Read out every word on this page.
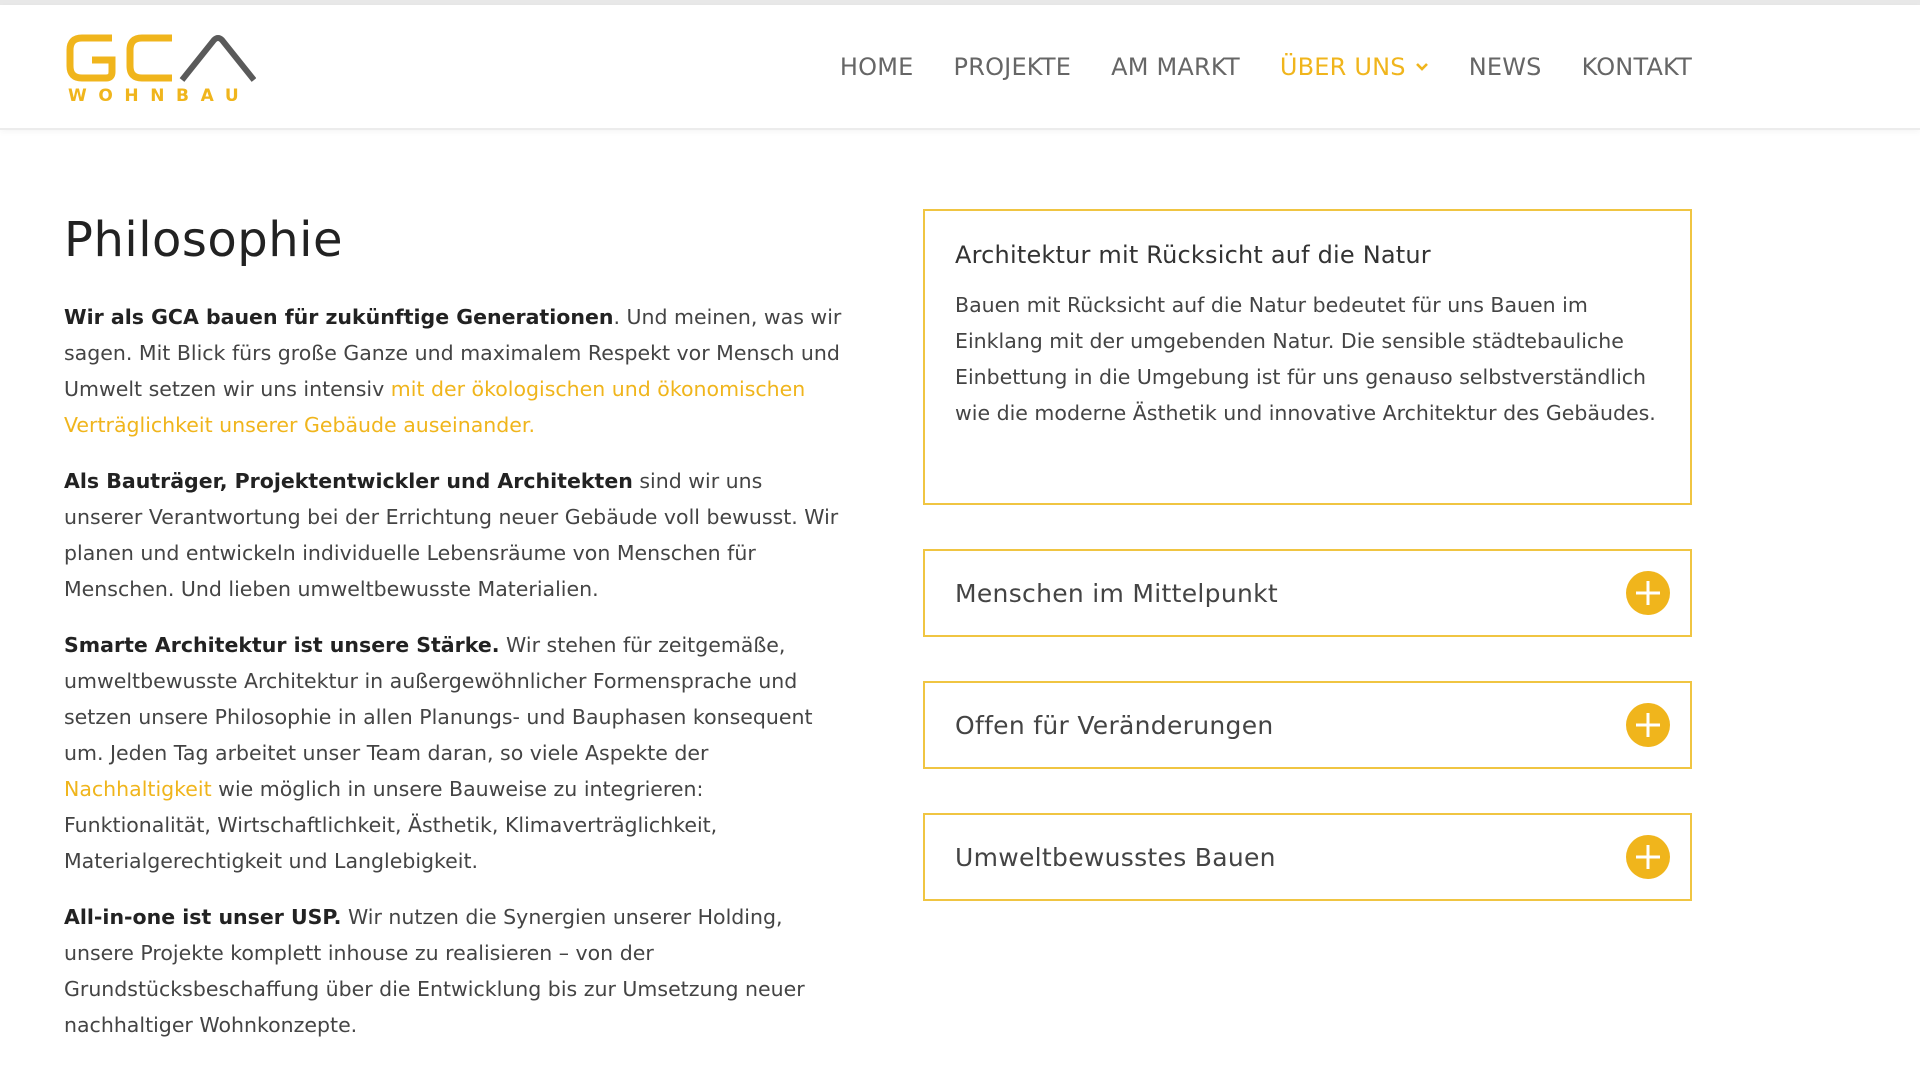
WOHNBAU
HOME PROJEKTE AM MARKT ÜBER UNS	NEWS KONTAKT
Philosophie

Wir als GCA bauen für zukünftige Generationen. Und meinen, was wir sagen. Mit Blick fürs große Ganze und maximalem Respekt vor Mensch und Umwelt setzen wir uns intensiv mit der ökologischen und ökonomischen Verträglichkeit unserer Gebäude auseinander.

Als Bauträger, Projektentwickler und Architekten sind wir uns unserer Verantwortung bei der Errichtung neuer Gebäude voll bewusst. Wir planen und entwickeln individuelle Lebensräume von Menschen für Menschen. Und lieben umweltbewusste Materialien.

Smarte Architektur ist unsere Stärke. Wir stehen für zeitgemäße, umweltbewusste Architektur in außergewöhnlicher Formensprache und setzen unsere Philosophie in allen Planungs- und Bauphasen konsequent um. Jeden Tag arbeitet unser Team daran, so viele Aspekte der Nachhaltigkeit wie möglich in unsere Bauweise zu integrieren: Funktionalität, Wirtschaftlichkeit, Ästhetik, Klimaverträglichkeit, Materialgerechtigkeit und Langlebigkeit.

All-in-one ist unser USP. Wir nutzen die Synergien unserer Holding, unsere Projekte komplett inhouse zu realisieren – von der Grundstücksbeschaffung über die Entwicklung bis zur Umsetzung neuer nachhaltiger Wohnkonzepte.

Architektur mit Rücksicht auf die Natur
Bauen mit Rücksicht auf die Natur bedeutet für uns Bauen im Einklang mit der umgebenden Natur. Die sensible städtebauliche Einbettung in die Umgebung ist für uns genauso selbstverständlich wie die moderne Ästhetik und innovative Architektur des Gebäudes.
Menschen im Mittelpunkt
Offen für Veränderungen
Umweltbewusstes Bauen
